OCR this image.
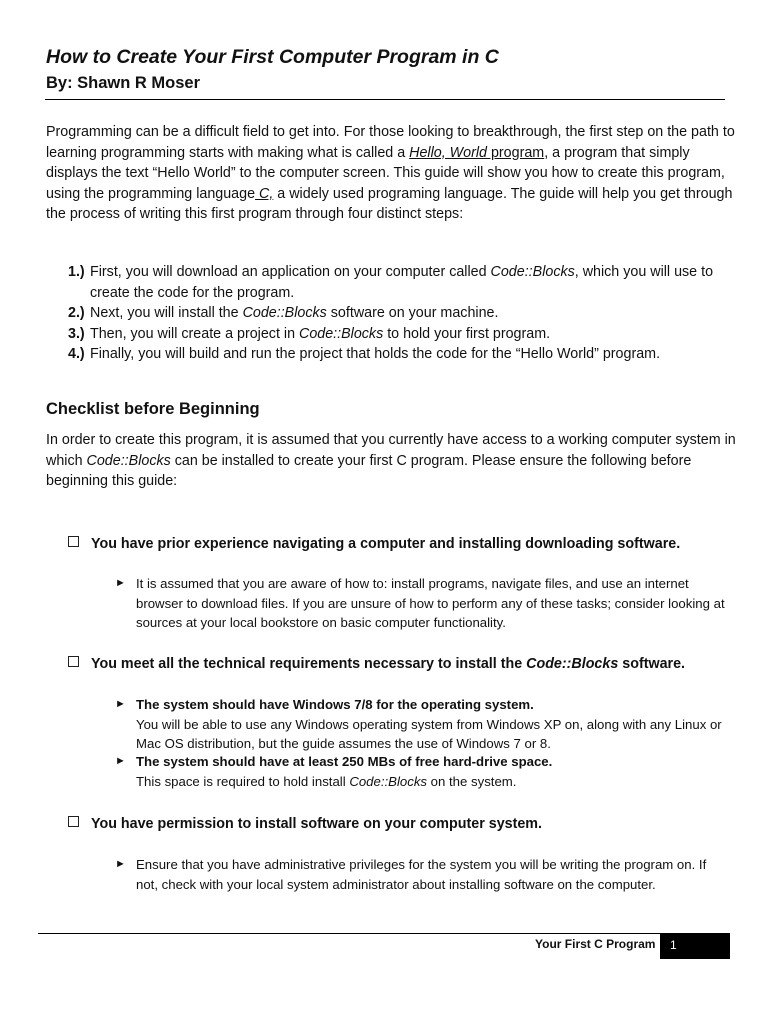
How to Create Your First Computer Program in C
By: Shawn R Moser
Programming can be a difficult field to get into. For those looking to breakthrough, the first step on the path to learning programming starts with making what is called a Hello, World program, a program that simply displays the text “Hello World” to the computer screen. This guide will show you how to create this program, using the programming language C, a widely used programing language. The guide will help you get through the process of writing this first program through four distinct steps:
1.) First, you will download an application on your computer called Code::Blocks, which you will use to create the code for the program.
2.) Next, you will install the Code::Blocks software on your machine.
3.) Then, you will create a project in Code::Blocks to hold your first program.
4.) Finally, you will build and run the project that holds the code for the “Hello World” program.
Checklist before Beginning
In order to create this program, it is assumed that you currently have access to a working computer system in which Code::Blocks can be installed to create your first C program. Please ensure the following before beginning this guide:
You have prior experience navigating a computer and installing downloading software.
► It is assumed that you are aware of how to: install programs, navigate files, and use an internet browser to download files. If you are unsure of how to perform any of these tasks; consider looking at sources at your local bookstore on basic computer functionality.
You meet all the technical requirements necessary to install the Code::Blocks software.
► The system should have Windows 7/8 for the operating system.
You will be able to use any Windows operating system from Windows XP on, along with any Linux or Mac OS distribution, but the guide assumes the use of Windows 7 or 8.
► The system should have at least 250 MBs of free hard-drive space.
This space is required to hold install Code::Blocks on the system.
You have permission to install software on your computer system.
► Ensure that you have administrative privileges for the system you will be writing the program on. If not, check with your local system administrator about installing software on the computer.
Your First C Program	1
